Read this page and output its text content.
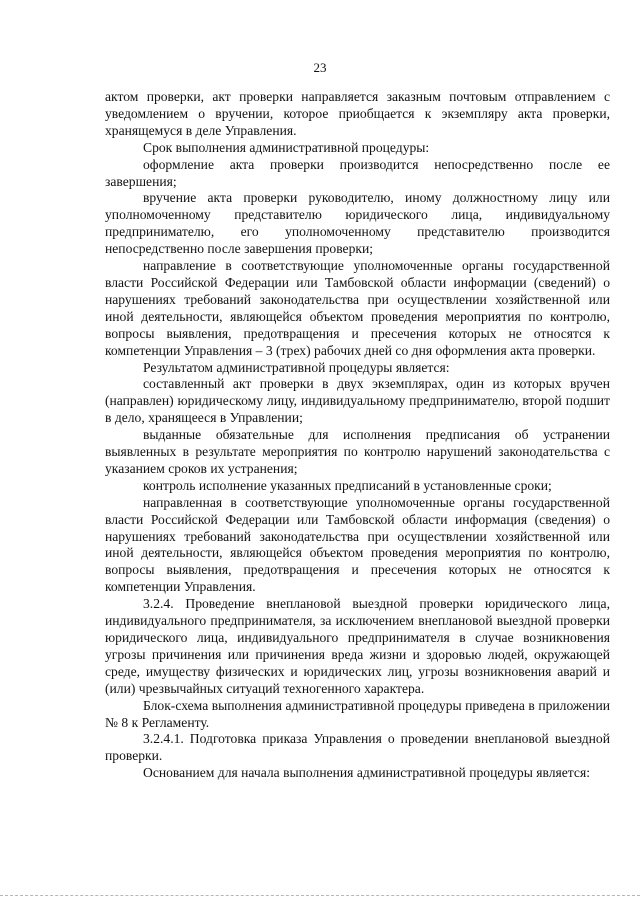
23

актом проверки, акт проверки направляется заказным почтовым отправлением с уведомлением о вручении, которое приобщается к экземпляру акта проверки, хранящемуся в деле Управления.

Срок выполнения административной процедуры:

оформление акта проверки производится непосредственно после ее завершения;

вручение акта проверки руководителю, иному должностному лицу или уполномоченному представителю юридического лица, индивидуальному предпринимателю, его уполномоченному представителю производится непосредственно после завершения проверки;

направление в соответствующие уполномоченные органы государственной власти Российской Федерации или Тамбовской области информации (сведений) о нарушениях требований законодательства при осуществлении хозяйственной или иной деятельности, являющейся объектом проведения мероприятия по контролю, вопросы выявления, предотвращения и пресечения которых не относятся к компетенции Управления – 3 (трех) рабочих дней со дня оформления акта проверки.

Результатом административной процедуры является:

составленный акт проверки в двух экземплярах, один из которых вручен (направлен) юридическому лицу, индивидуальному предпринимателю, второй подшит в дело, хранящееся в Управлении;

выданные обязательные для исполнения предписания об устранении выявленных в результате мероприятия по контролю нарушений законодательства с указанием сроков их устранения;

контроль исполнение указанных предписаний в установленные сроки;

направленная в соответствующие уполномоченные органы государственной власти Российской Федерации или Тамбовской области информация (сведения) о нарушениях требований законодательства при осуществлении хозяйственной или иной деятельности, являющейся объектом проведения мероприятия по контролю, вопросы выявления, предотвращения и пресечения которых не относятся к компетенции Управления.

3.2.4. Проведение внеплановой выездной проверки юридического лица, индивидуального предпринимателя, за исключением внеплановой выездной проверки юридического лица, индивидуального предпринимателя в случае возникновения угрозы причинения или причинения вреда жизни и здоровью людей, окружающей среде, имуществу физических и юридических лиц, угрозы возникновения аварий и (или) чрезвычайных ситуаций техногенного характера.

Блок-схема выполнения административной процедуры приведена в приложении № 8 к Регламенту.

3.2.4.1. Подготовка приказа Управления о проведении внеплановой выездной проверки.

Основанием для начала выполнения административной процедуры является:
